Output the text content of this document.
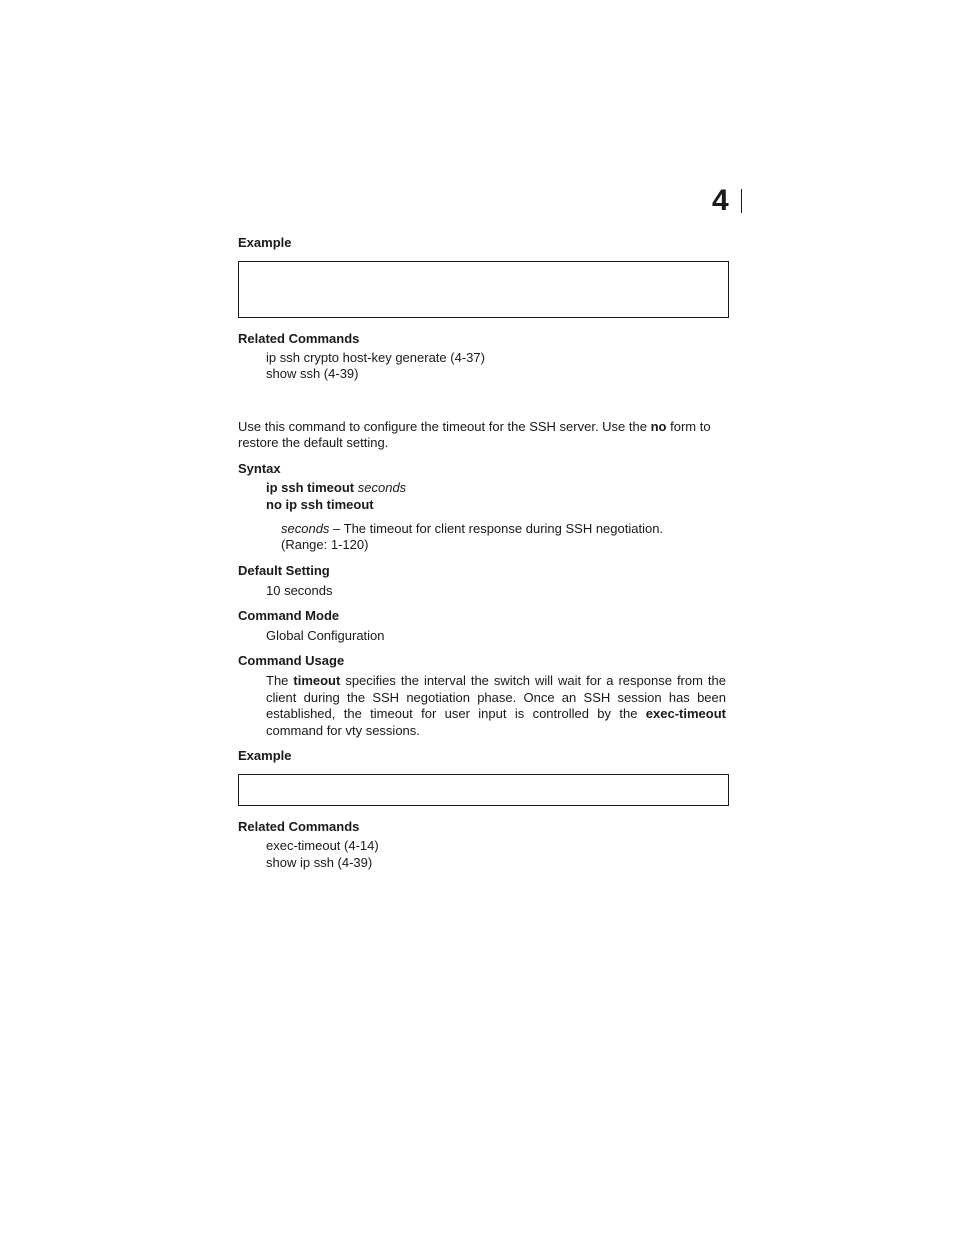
4
Example
Related Commands
ip ssh crypto host-key generate (4-37)
show ssh (4-39)
Use this command to configure the timeout for the SSH server. Use the no form to
restore the default setting.
Syntax
ip ssh timeout seconds
no ip ssh timeout
seconds – The timeout for client response during SSH negotiation.
(Range: 1-120)
Default Setting
10 seconds
Command Mode
Global Configuration
Command Usage
The timeout specifies the interval the switch will wait for a response from the client during the SSH negotiation phase. Once an SSH session has been established, the timeout for user input is controlled by the exec-timeout command for vty sessions.
Example
Related Commands
exec-timeout (4-14)
show ip ssh (4-39)
